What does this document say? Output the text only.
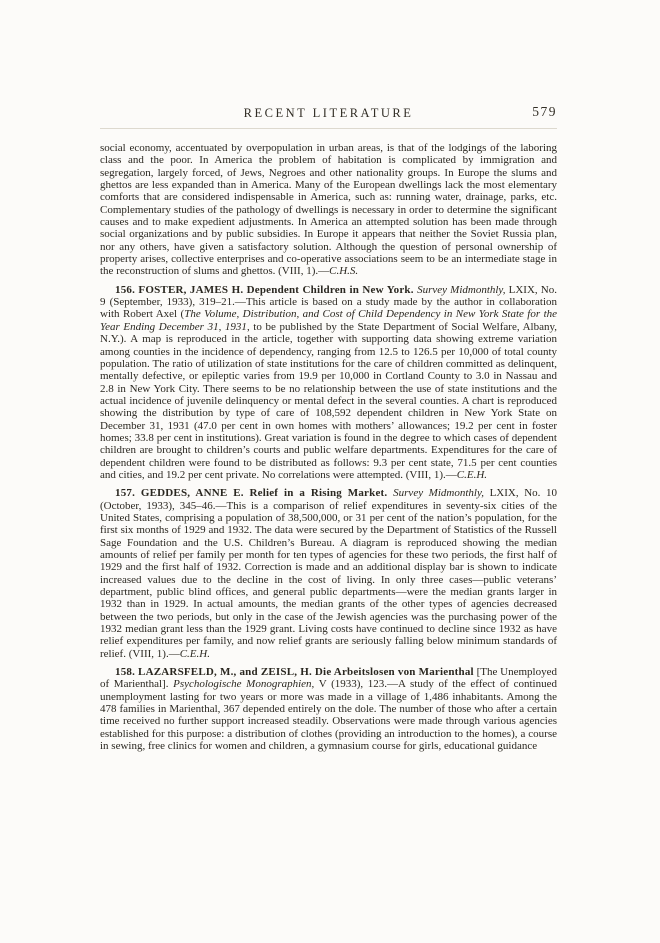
RECENT LITERATURE	579

social economy, accentuated by overpopulation in urban areas, is that of the lodgings of the laboring class and the poor. In America the problem of habitation is complicated by immigration and segregation, largely forced, of Jews, Negroes and other nationality groups. In Europe the slums and ghettos are less expanded than in America. Many of the European dwellings lack the most elementary comforts that are considered indispensable in America, such as: running water, drainage, parks, etc. Complementary studies of the pathology of dwellings is necessary in order to determine the significant causes and to make expedient adjustments. In America an attempted solution has been made through social organizations and by public subsidies. In Europe it appears that neither the Soviet Russia plan, nor any others, have given a satisfactory solution. Although the question of personal ownership of property arises, collective enterprises and co-operative associations seem to be an intermediate stage in the reconstruction of slums and ghettos. (VIII, 1).—C.H.S.

156. FOSTER, JAMES H. Dependent Children in New York. Survey Midmonthly, LXIX, No. 9 (September, 1933), 319–21.—This article is based on a study made by the author in collaboration with Robert Axel (The Volume, Distribution, and Cost of Child Dependency in New York State for the Year Ending December 31, 1931, to be published by the State Department of Social Welfare, Albany, N.Y.). A map is reproduced in the article, together with supporting data showing extreme variation among counties in the incidence of dependency, ranging from 12.5 to 126.5 per 10,000 of total county population. The ratio of utilization of state institutions for the care of children committed as delinquent, mentally defective, or epileptic varies from 19.9 per 10,000 in Cortland County to 3.0 in Nassau and 2.8 in New York City. There seems to be no relationship between the use of state institutions and the actual incidence of juvenile delinquency or mental defect in the several counties. A chart is reproduced showing the distribution by type of care of 108,592 dependent children in New York State on December 31, 1931 (47.0 per cent in own homes with mothers’ allowances; 19.2 per cent in foster homes; 33.8 per cent in institutions). Great variation is found in the degree to which cases of dependent children are brought to children’s courts and public welfare departments. Expenditures for the care of dependent children were found to be distributed as follows: 9.3 per cent state, 71.5 per cent counties and cities, and 19.2 per cent private. No correlations were attempted. (VIII, 1).—C.E.H.

157. GEDDES, ANNE E. Relief in a Rising Market. Survey Midmonthly, LXIX, No. 10 (October, 1933), 345–46.—This is a comparison of relief expenditures in seventy-six cities of the United States, comprising a population of 38,500,000, or 31 per cent of the nation’s population, for the first six months of 1929 and 1932. The data were secured by the Department of Statistics of the Russell Sage Foundation and the U.S. Children’s Bureau. A diagram is reproduced showing the median amounts of relief per family per month for ten types of agencies for these two periods, the first half of 1929 and the first half of 1932. Correction is made and an additional display bar is shown to indicate increased values due to the decline in the cost of living. In only three cases—public veterans’ department, public blind offices, and general public departments—were the median grants larger in 1932 than in 1929. In actual amounts, the median grants of the other types of agencies decreased between the two periods, but only in the case of the Jewish agencies was the purchasing power of the 1932 median grant less than the 1929 grant. Living costs have continued to decline since 1932 as have relief expenditures per family, and now relief grants are seriously falling below minimum standards of relief. (VIII, 1).—C.E.H.

158. LAZARSFELD, M., and ZEISL, H. Die Arbeitslosen von Marienthal [The Unemployed of Marienthal]. Psychologische Monographien, V (1933), 123.—A study of the effect of continued unemployment lasting for two years or more was made in a village of 1,486 inhabitants. Among the 478 families in Marienthal, 367 depended entirely on the dole. The number of those who after a certain time received no further support increased steadily. Observations were made through various agencies established for this purpose: a distribution of clothes (providing an introduction to the homes), a course in sewing, free clinics for women and children, a gymnasium course for girls, educational guidance
